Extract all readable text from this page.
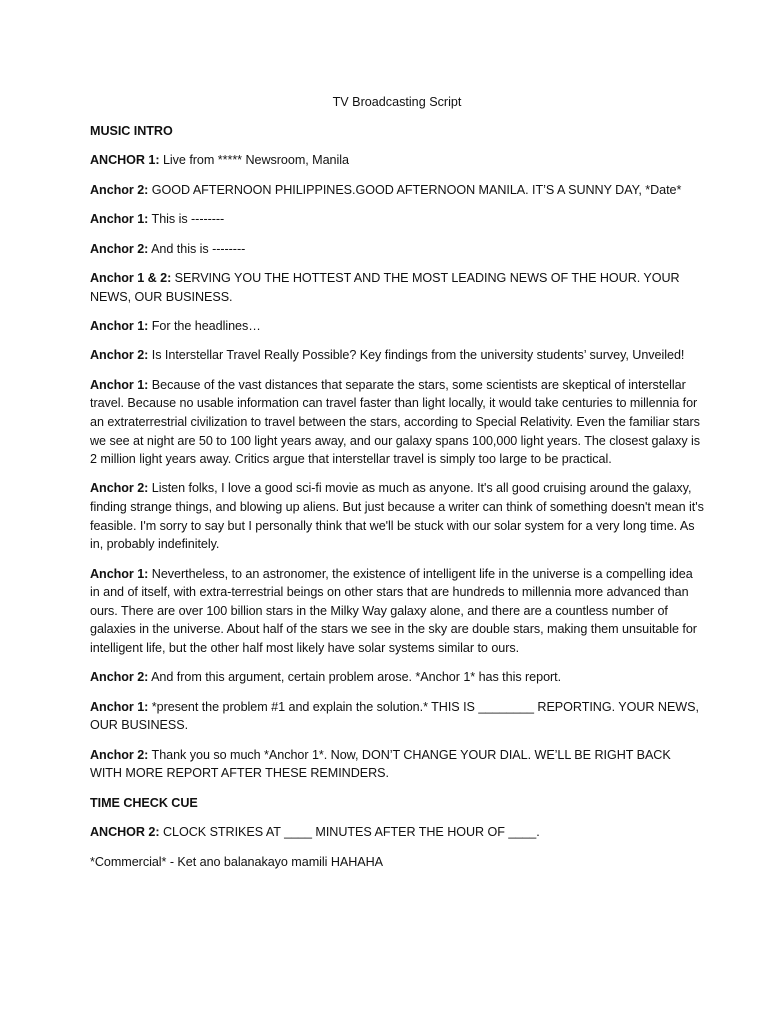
TV Broadcasting Script

MUSIC INTRO

ANCHOR 1: Live from ***** Newsroom, Manila

Anchor 2: GOOD AFTERNOON PHILIPPINES.GOOD AFTERNOON MANILA. IT’S A SUNNY DAY, *Date*

Anchor 1: This is --------

Anchor 2: And this is --------

Anchor 1 & 2: SERVING YOU THE HOTTEST AND THE MOST LEADING NEWS OF THE HOUR. YOUR NEWS, OUR BUSINESS.

Anchor 1: For the headlines…

Anchor 2: Is Interstellar Travel Really Possible? Key findings from the university students’ survey, Unveiled!

Anchor 1: Because of the vast distances that separate the stars, some scientists are skeptical of interstellar travel. Because no usable information can travel faster than light locally, it would take centuries to millennia for an extraterrestrial civilization to travel between the stars, according to Special Relativity. Even the familiar stars we see at night are 50 to 100 light years away, and our galaxy spans 100,000 light years. The closest galaxy is 2 million light years away. Critics argue that interstellar travel is simply too large to be practical.

Anchor 2: Listen folks, I love a good sci-fi movie as much as anyone. It's all good cruising around the galaxy, finding strange things, and blowing up aliens. But just because a writer can think of something doesn't mean it's feasible. I'm sorry to say but I personally think that we'll be stuck with our solar system for a very long time. As in, probably indefinitely.

Anchor 1: Nevertheless, to an astronomer, the existence of intelligent life in the universe is a compelling idea in and of itself, with extra-terrestrial beings on other stars that are hundreds to millennia more advanced than ours. There are over 100 billion stars in the Milky Way galaxy alone, and there are a countless number of galaxies in the universe. About half of the stars we see in the sky are double stars, making them unsuitable for intelligent life, but the other half most likely have solar systems similar to ours.

Anchor 2: And from this argument, certain problem arose. *Anchor 1* has this report.

Anchor 1: *present the problem #1 and explain the solution.* THIS IS ________ REPORTING. YOUR NEWS, OUR BUSINESS.

Anchor 2: Thank you so much *Anchor 1*. Now, DON’T CHANGE YOUR DIAL. WE’LL BE RIGHT BACK WITH MORE REPORT AFTER THESE REMINDERS.

TIME CHECK CUE

ANCHOR 2: CLOCK STRIKES AT ____ MINUTES AFTER THE HOUR OF ____.

*Commercial* - Ket ano balanakayo mamili HAHAHA
